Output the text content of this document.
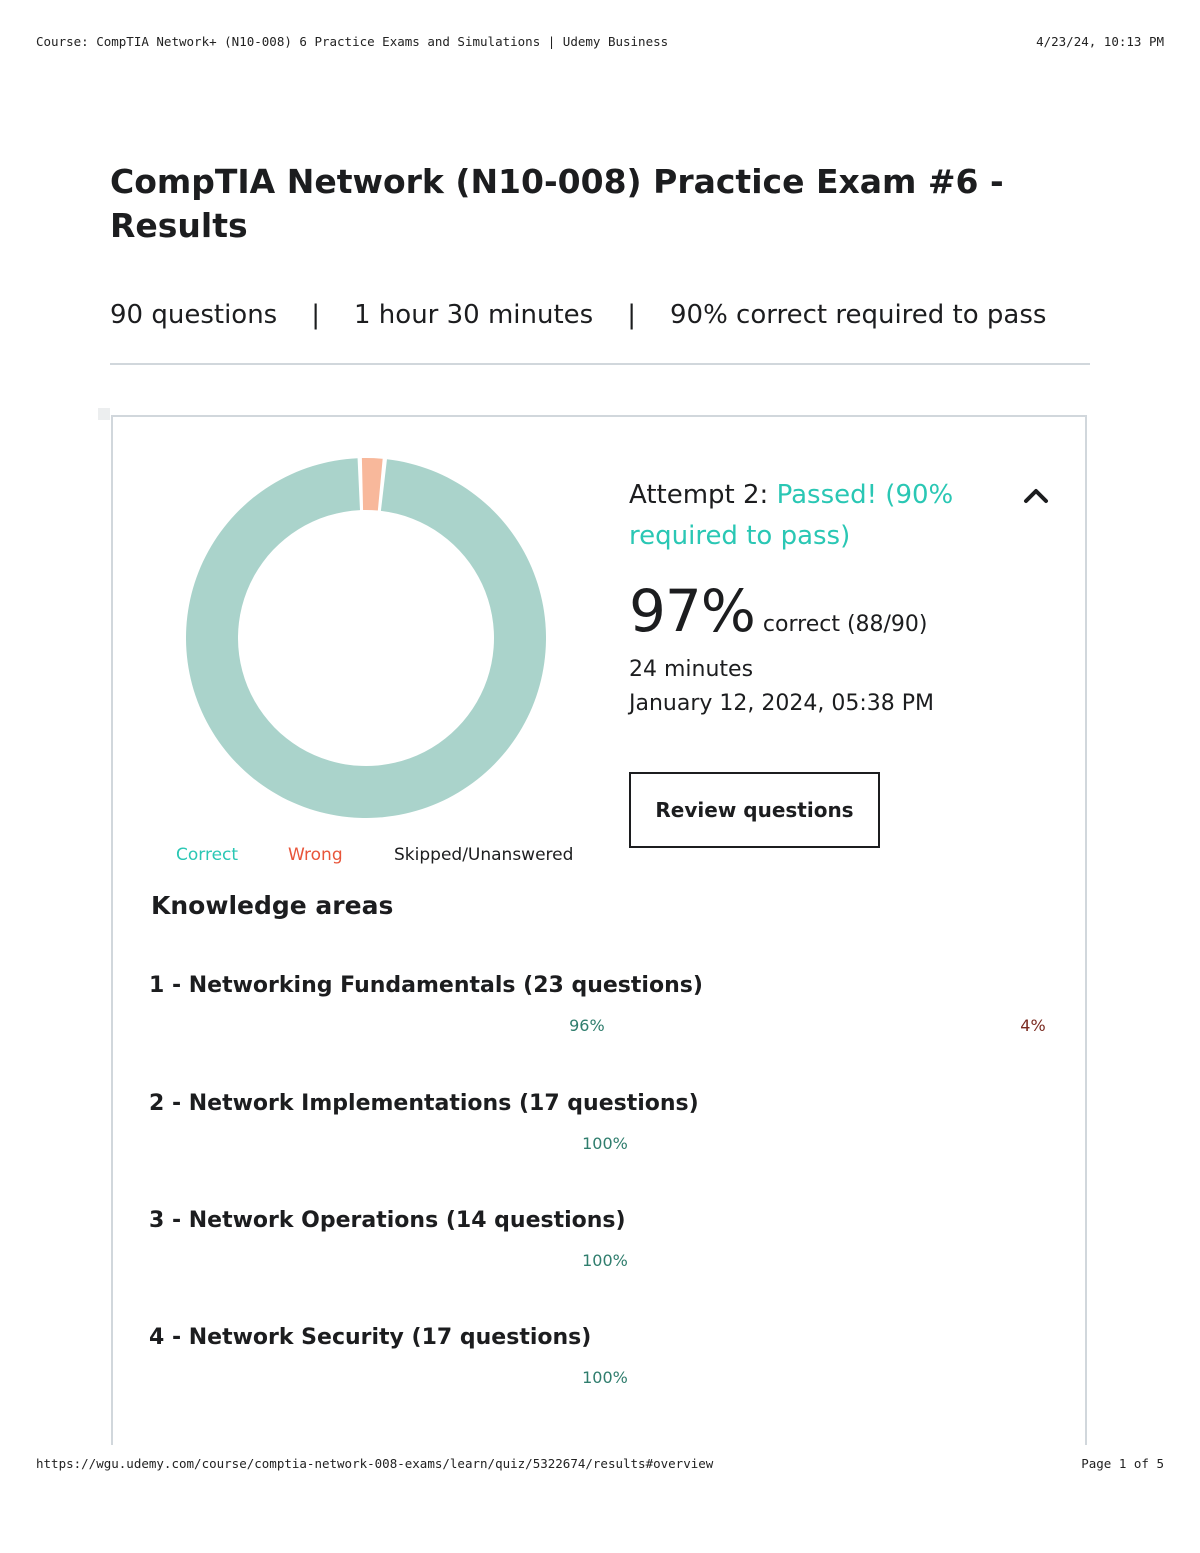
Course: CompTIA Network+ (N10-008) 6 Practice Exams and Simulations | Udemy Business	4/23/24, 10:13 PM
CompTIA Network (N10-008) Practice Exam #6 - Results
90 questions | 1 hour 30 minutes | 90% correct required to pass
Correct	Wrong	Skipped/Unanswered
Attempt 2: Passed! (90% required to pass)
97% correct (88/90)
24 minutes
January 12, 2024, 05:38 PM
Review questions
Knowledge areas
1 - Networking Fundamentals (23 questions)
96%	4%
2 - Network Implementations (17 questions)
100%
3 - Network Operations (14 questions)
100%
4 - Network Security (17 questions)
100%
https://wgu.udemy.com/course/comptia-network-008-exams/learn/quiz/5322674/results#overview	Page 1 of 5
